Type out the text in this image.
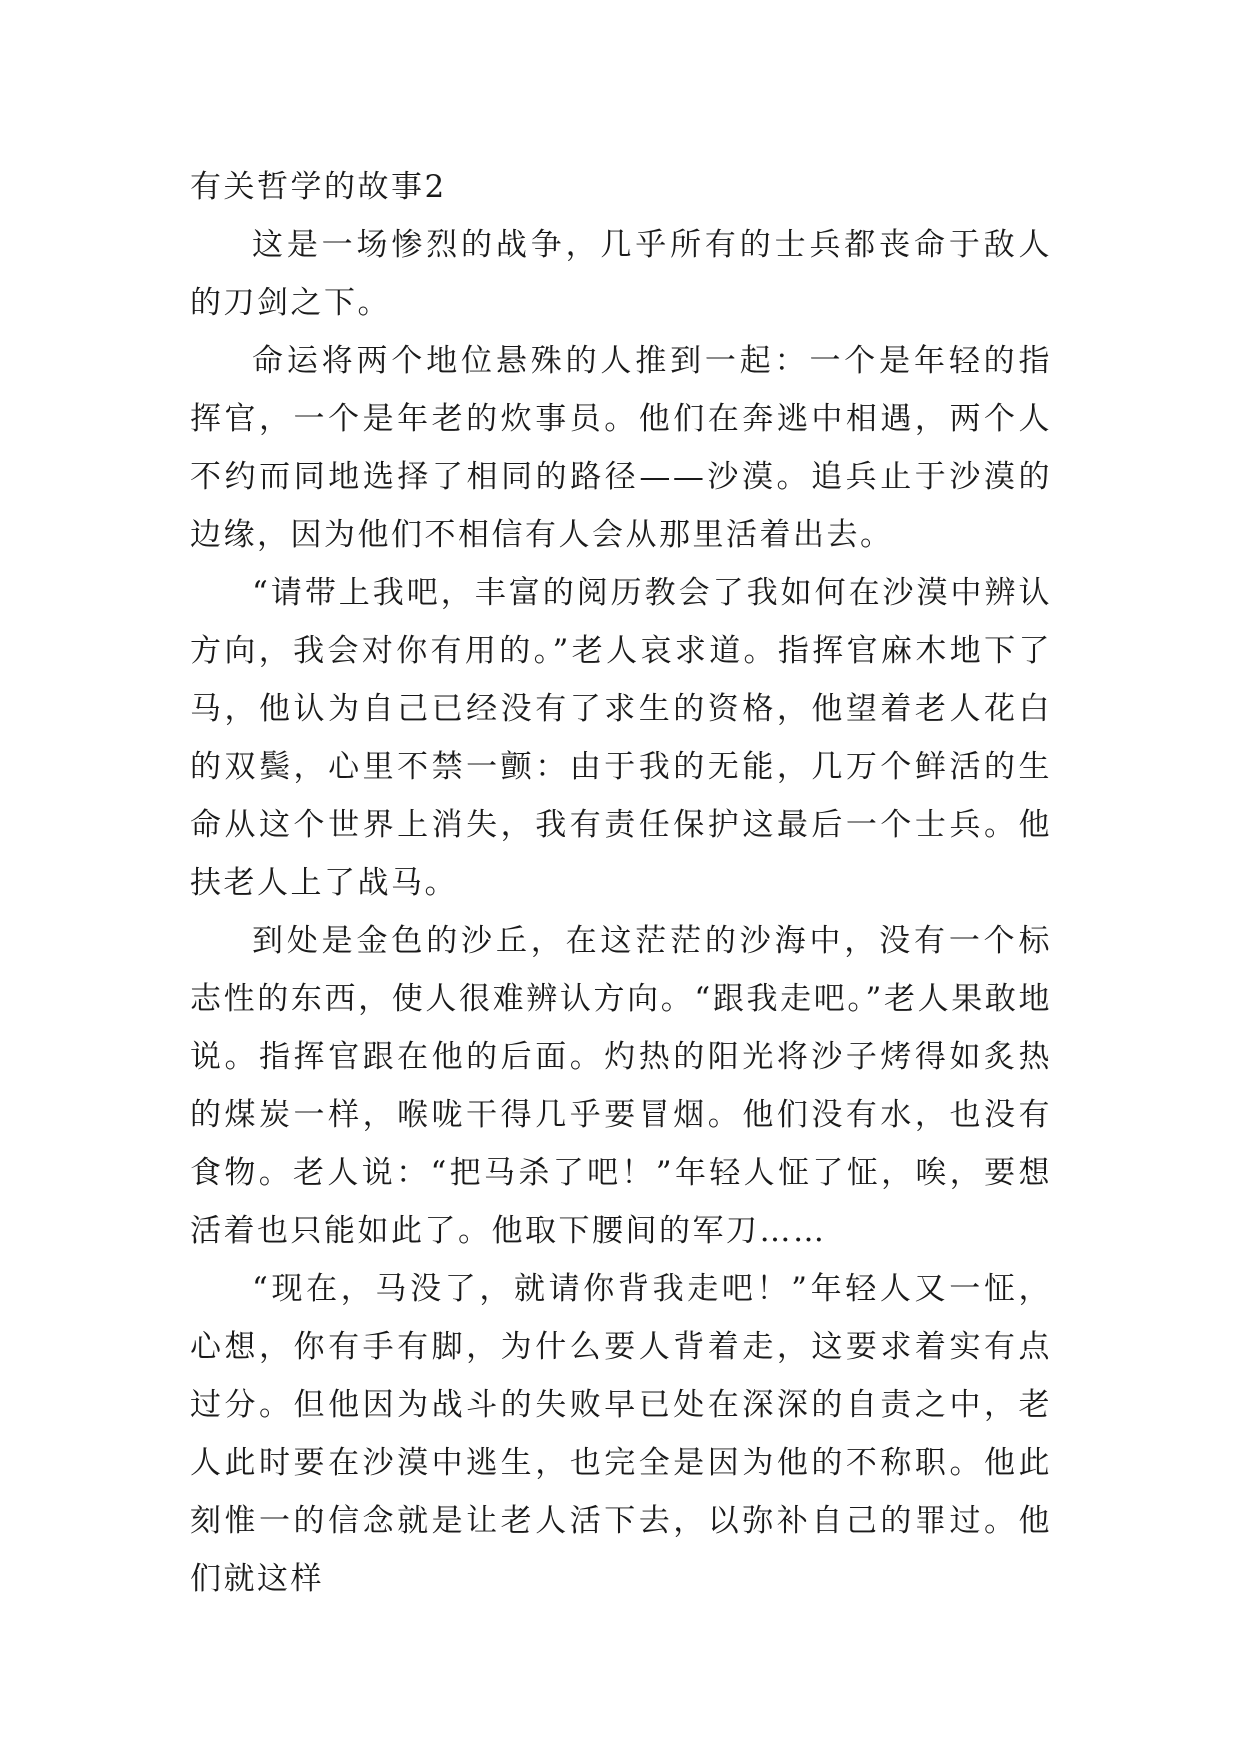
有关哲学的故事2

这是一场惨烈的战争，几乎所有的士兵都丧命于敌人的刀剑之下。

命运将两个地位悬殊的人推到一起：一个是年轻的指挥官，一个是年老的炊事员。他们在奔逃中相遇，两个人不约而同地选择了相同的路径——沙漠。追兵止于沙漠的边缘，因为他们不相信有人会从那里活着出去。

“请带上我吧，丰富的阅历教会了我如何在沙漠中辨认方向，我会对你有用的。”老人哀求道。指挥官麻木地下了马，他认为自己已经没有了求生的资格，他望着老人花白的双鬓，心里不禁一颤：由于我的无能，几万个鲜活的生命从这个世界上消失，我有责任保护这最后一个士兵。他扶老人上了战马。

到处是金色的沙丘，在这茫茫的沙海中，没有一个标志性的东西，使人很难辨认方向。“跟我走吧。”老人果敢地说。指挥官跟在他的后面。灼热的阳光将沙子烤得如炙热的煤炭一样，喉咙干得几乎要冒烟。他们没有水，也没有食物。老人说：“把马杀了吧！”年轻人怔了怔，唉，要想活着也只能如此了。他取下腰间的军刀……

“现在，马没了，就请你背我走吧！”年轻人又一怔，心想，你有手有脚，为什么要人背着走，这要求着实有点过分。但他因为战斗的失败早已处在深深的自责之中，老人此时要在沙漠中逃生，也完全是因为他的不称职。他此刻惟一的信念就是让老人活下去，以弥补自己的罪过。他们就这样
